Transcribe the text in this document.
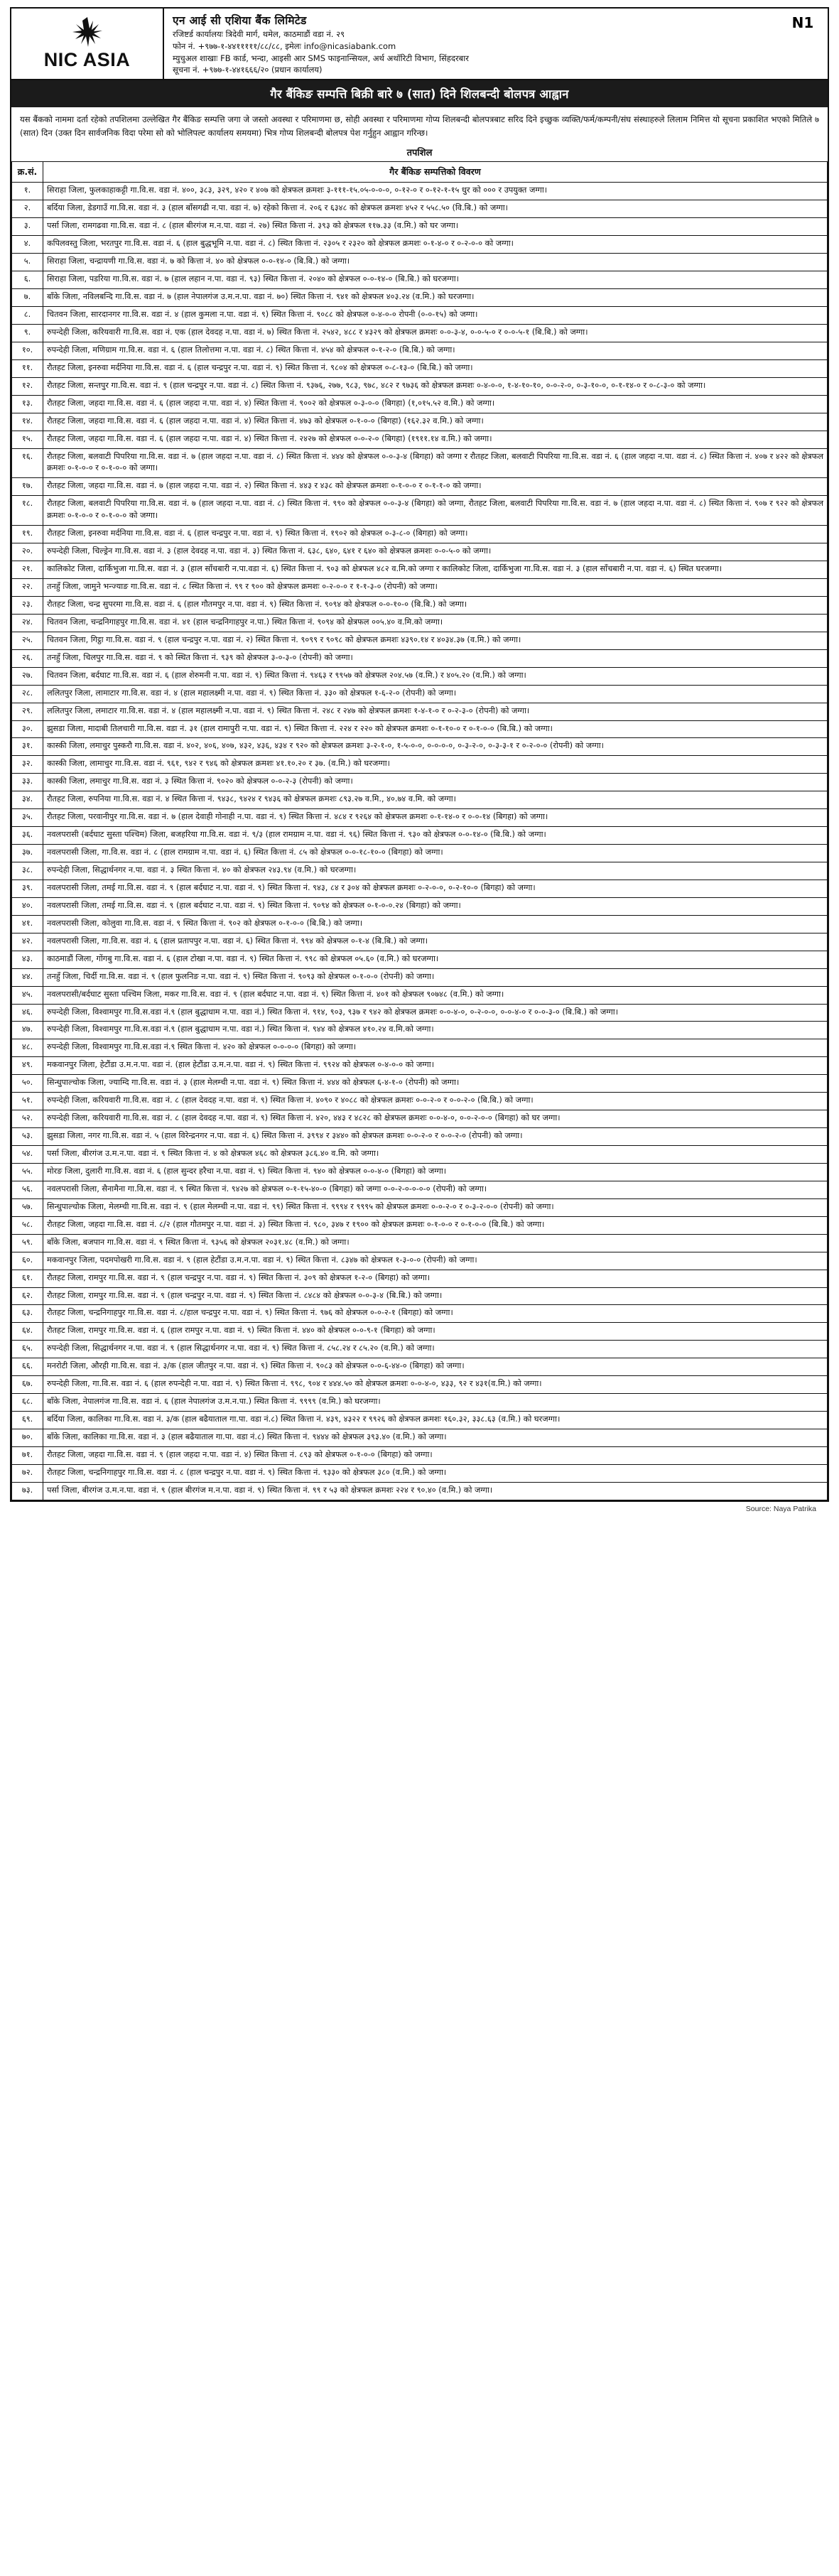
NIC ASIA
एन आई सी एशिया बैंक लिमिटेड
रजिष्टर्ड कार्यालयः त्रिदेवी मार्ग, थमेल, काठमाडौं वडा नं. २९
फोन नं. +९७७-१-४४१११११/८८/८८, इमेलः info@nicasiabank.com
म्युचुअल शाखाः FB कार्ड, भन्दा, आइसी आर SMS फाइनान्सियल, अर्थ अथॉरिटी विभाग, सिंहदरबार
सूचना नं. +९७७-१-४४१६६६/२० (प्रधान कार्यालय)
N1
गैर बैंकिङ सम्पत्ति बिक्री बारे ७ (सात) दिने शिलबन्दी बोलपत्र आह्वान
यस बैंकको नाममा दर्ता रहेको तपशिलमा उल्लेखित गैर बैंकिङ सम्पत्ति जगा जे जस्तो अवस्था र परिमाणमा छ, सोही अवस्था र परिमाणमा गोप्य शिलबन्दी बोलपत्रबाट सरिद दिने इच्छुक व्यक्ति/फर्म/कम्पनी/संघ संस्थाहरुले लिलाम निमित्त यो सूचना प्रकाशित भएको मितिले ७ (सात) दिन (उक्त दिन सार्वजनिक विदा परेमा सो को भोलिपल्ट कार्यालय समयमा) भित्र गोप्य शिलबन्दी बोलपत्र पेश गर्नुहुन आह्वान गरिन्छ।
तपशिल
क्र.सं.	गैर बैंकिङ सम्पत्तिको विवरण
१.	सिराहा जिला, फुलकाहाकट्टी गा.वि.स. वडा नं. ४००, ३८३, ३२९, ४२० र ४०७ को क्षेत्रफल क्रमशः ३-१११-१५.०५-०-०-०, ०-१२-० र ०-१२-१-१५ धुर को ००० र उपयुक्त जग्गा।
२.	बर्दिया जिला, डेडगाउँ गा.वि.स. वडा नं. ३ (हाल बाँसगढी न.पा. वडा नं. ७) रहेको कित्ता नं. २०६ र ६३४८ को क्षेत्रफल क्रमशः ४५२ र ५५८.५० (वि.बि.) को जग्गा।
३.	पर्सा जिला, रामगढवा गा.वि.स. वडा नं. ८ (हाल बीरगंज म.न.पा. वडा नं. २७) स्थित कित्ता नं. ३९३ को क्षेत्रफल ११७.३३ (व.मि.) को घर जग्गा।
४.	कपिलवस्तु जिला, भरतपुर गा.वि.स. वडा नं. ६ (हाल बुद्धभूमि न.पा. वडा नं. ८) स्थित कित्ता नं. २३०५ र २३२० को क्षेत्रफल क्रमशः ०-१-४-० र ०-२-०-० को जग्गा।
५.	सिराहा जिला, चन्द्रायणी गा.वि.स. वडा नं. ७ को कित्ता नं. ४० को क्षेत्रफल ०-०-१४-० (बि.बि.) को जग्गा।
६.	सिराहा जिला, पडरिया गा.वि.स. वडा नं. ७ (हाल लहान न.पा. वडा नं. ९३) स्थित कित्ता नं. २०४० को क्षेत्रफल ०-०-१४-० (बि.बि.) को घरजग्गा।
७.	बाँके जिला, नविलबन्दि गा.वि.स. वडा नं. ७ (हाल नेपालगंज उ.म.न.पा. वडा नं. ७०) स्थित कित्ता नं. ९४१ को क्षेत्रफल ४०३.२४ (व.मि.) को घरजग्गा।
८.	चितवन जिला, सारदानगर गा.वि.स. वडा नं. ४ (हाल कुमला न.पा. वडा नं. ९) स्थित कित्ता नं. ९०८८ को क्षेत्रफल ०-४-०-० रोपनी (०-०-१५) को जग्गा।
९.	रुपन्देही जिला, करियवारी गा.वि.स. वडा नं. एक (हाल देवदह न.पा. वडा नं. ७) स्थित कित्ता नं. २५४२, ४८८ र ४३२९ को क्षेत्रफल क्रमशः ०-०-३-४, ०-०-५-० र ०-०-५-१ (बि.बि.) को जग्गा।
१०.	रुपन्देही जिला, मणिग्राम गा.वि.स. वडा नं. ६ (हाल तिलोत्तमा न.पा. वडा नं. ८) स्थित कित्ता नं. ४५४ को क्षेत्रफल ०-१-२-० (बि.बि.) को जग्गा।
११.	रौतहट जिला, इनरुवा मर्दनिया गा.वि.स. वडा नं. ६ (हाल चन्द्रपुर न.पा. वडा नं. ९) स्थित कित्ता नं. ९८०४ को क्षेत्रफल ०-८-१३-० (बि.बि.) को जग्गा।
१२.	रौतहट जिला, सन्तपुर गा.वि.स. वडा नं. ९ (हाल चन्द्रपुर न.पा. वडा नं. ८) स्थित कित्ता नं. ९३७६, २७७, ९८३, ९७८, ४८२ र ९७३६ को क्षेत्रफल क्रमशः ०-४-०-०, १-४-१०-१०, ०-०-२-०, ०-३-१०-०, ०-१-१४-० र ०-८-३-० को जग्गा।
१३.	रौतहट जिला, जहदा गा.वि.स. वडा नं. ६ (हाल जहदा न.पा. वडा नं. ४) स्थित कित्ता नं. ९००२ को क्षेत्रफल ०-३-०-० (बिगहा) (१,०१५.५२ व.मि.) को जग्गा।
१४.	रौतहट जिला, जहदा गा.वि.स. वडा नं. ६ (हाल जहदा न.पा. वडा नं. ४) स्थित कित्ता नं. ४७३ को क्षेत्रफल ०-१-०-० (बिगहा) (१६२.३२ व.मि.) को जग्गा।
१५.	रौतहट जिला, जहदा गा.वि.स. वडा नं. ६ (हाल जहदा न.पा. वडा नं. ४) स्थित कित्ता नं. २४२७ को क्षेत्रफल ०-०-२-० (बिगहा) (१९११.१४ व.मि.) को जग्गा।
१६.	रौतहट जिला, बलवाटी पिपरिया गा.वि.स. वडा नं. ७ (हाल जहदा न.पा. वडा नं. ८) स्थित कित्ता नं. ४४४ को क्षेत्रफल ०-०-३-४ (बिगहा) को जग्गा र रौतहट जिला, बलवाटी पिपरिया गा.वि.स. वडा नं. ६ (हाल जहदा न.पा. वडा नं. ८) स्थित कित्ता नं. ४०७ र ४२२ को क्षेत्रफल क्रमशः ०-१-०-० र ०-१-०-० को जग्गा।
१७.	रौतहट जिला, जहदा गा.वि.स. वडा नं. ७ (हाल जहदा न.पा. वडा नं. २) स्थित कित्ता नं. ४४३ र ४३८ को क्षेत्रफल क्रमशः ०-१-०-० र ०-१-१-० को जग्गा।
१८.	रौतहट जिला, बलवाटी पिपरिया गा.वि.स. वडा नं. ७ (हाल जहदा न.पा. वडा नं. ८) स्थित कित्ता नं. ९९० को क्षेत्रफल ०-०-३-४ (बिगहा) को जग्गा, रौतहट जिला, बलवाटी पिपरिया गा.वि.स. वडा नं. ७ (हाल जहदा न.पा. वडा नं. ८) स्थित कित्ता नं. ९०७ र ९२२ को क्षेत्रफल क्रमशः ०-१-०-० र ०-१-०-० को जग्गा।
१९.	रौतहट जिला, इनरुवा मर्दनिया गा.वि.स. वडा नं. ६ (हाल चन्द्रपुर न.पा. वडा नं. ९) स्थित कित्ता नं. १९०२ को क्षेत्रफल ०-३-८-० (बिगहा) को जग्गा।
२०.	रुपन्देही जिला, चिल्ड्रेन गा.वि.स. वडा नं. ३ (हाल देवदह न.पा. वडा नं. ३) स्थित कित्ता नं. ६३८, ६४०, ६४१ र ६४० को क्षेत्रफल क्रमशः ०-०-५-० को जग्गा।
२१.	कालिकोट जिला, दार्किभुजा गा.वि.स. वडा नं. ३ (हाल साँचबारी न.पा.वडा नं. ६) स्थित कित्ता नं. ९०३ को क्षेत्रफल ४८२ व.मि.को जग्गा र कालिकोट जिला, दार्किभुजा गा.वि.स. वडा नं. ३ (हाल साँचबारी न.पा. वडा नं. ६) स्थित घरजग्गा।
२२.	तनहुँ जिला, जामुने भन्ज्याङ गा.वि.स. वडा नं. ८ स्थित कित्ता नं. ९९ र ९०० को क्षेत्रफल क्रमशः ०-२-०-० र १-१-३-० (रोपनी) को जग्गा।
२३.	रौतहट जिला, चन्द्र सुपरमा गा.वि.स. वडा नं. ६ (हाल गौतमपुर न.पा. वडा नं. ९) स्थित कित्ता नं. ९०९४ को क्षेत्रफल ०-०-१०-० (बि.बि.) को जग्गा।
२४.	चितवन जिला, चन्द्रनिगाहपुर गा.वि.स. वडा नं. ४१ (हाल चन्द्रनिगाहपुर न.पा.) स्थित कित्ता नं. ९०९४ को क्षेत्रफल ००५.४० व.मि.को जग्गा।
२५.	चितवन जिला, गिट्ठा गा.वि.स. वडा नं. ९ (हाल चन्द्रपुर न.पा. वडा नं. २) स्थित कित्ता नं. ९०९९ र ९०९८ को क्षेत्रफल क्रमशः ४३९०.१४ र ४०३४.३७ (व.मि.) को जग्गा।
२६.	तनहुँ जिला, चिलपुर गा.वि.स. वडा नं. ९ को स्थित कित्ता नं. ९३९ को क्षेत्रफल ३-०-३-० (रोपनी) को जग्गा।
२७.	चितवन जिला, बर्दघाट गा.वि.स. वडा नं. ६ (हाल शेरुमनी न.पा. वडा नं. ९) स्थित कित्ता नं. ९४६३ र ९९५७ को क्षेत्रफल २०४.५७ (व.मि.) र ४०५.२० (व.मि.) को जग्गा।
२८.	ललितपुर जिला, लामाटार गा.वि.स. वडा नं. ४ (हाल महालक्ष्मी न.पा. वडा नं. ९) स्थित कित्ता नं. ३३० को क्षेत्रफल १-६-२-० (रोपनी) को जग्गा।
२९.	ललितपुर जिला, लमाटार गा.वि.स. वडा नं. ४ (हाल महालक्ष्मी न.पा. वडा नं. ९) स्थित कित्ता नं. २४८ र २४७ को क्षेत्रफल क्रमशः १-४-१-० र ०-२-३-० (रोपनी) को जग्गा।
३०.	झुसडा जिला, मादाबी तिलचारी गा.वि.स. वडा नं. ३१ (हाल रामापुरी न.पा. वडा नं. ९) स्थित कित्ता नं. २२४ र २२० को क्षेत्रफल क्रमशः ०-१-१०-० र ०-१-०-० (बि.बि.) को जग्गा।
३१.	कास्की जिला, लमाचुर पुस्करौ गा.वि.स. वडा नं. ४०२, ४०६, ४०७, ४३२, ४३६, ४३४ र ९२० को क्षेत्रफल क्रमशः ३-२-१-०, १-५-०-०, ०-०-०-०, ०-३-२-०, ०-३-३-१ र ०-२-०-० (रोपनी) को जग्गा।
३२.	कास्की जिला, लामाचुर गा.वि.स. वडा नं. ९६१, ९४२ र ९४६ को क्षेत्रफल क्रमशः ४१.१०.२० र ३७. (व.मि.) को घरजग्गा।
३३.	कास्की जिला, लमाचुर गा.वि.स. वडा नं. ३ स्थित कित्ता नं. ९०२० को क्षेत्रफल ०-०-२-३ (रोपनी) को जग्गा।
३४.	रौतहट जिला, रुपनिया गा.वि.स. वडा नं. ४ स्थित कित्ता नं. ९४३८, ९४२४ र ९४३६ को क्षेत्रफल क्रमशः ८९३.२७ व.मि., ४०.७४ व.मि. को जग्गा।
३५.	रौतहट जिला, परवानीपुर गा.वि.स. वडा नं. ७ (हाल देवाही गोनाही न.पा. वडा नं. ९) स्थित कित्ता नं. ४८४ र ९२६४ को क्षेत्रफल क्रमशः ०-१-१४-० र ०-०-१४ (बिगहा) को जग्गा।
३६.	नवलपरासी (बर्दघाट सुस्ता पश्चिम) जिला, बजहरिया गा.वि.स. वडा नं. ९/३ (हाल रामग्राम न.पा. वडा नं. ९६) स्थित कित्ता नं. ९३० को क्षेत्रफल ०-०-१४-० (बि.बि.) को जग्गा।
३७.	नवलपरासी जिला, गा.वि.स. वडा नं. ८ (हाल रामग्राम न.पा. वडा नं. ६) स्थित कित्ता नं. ८५ को क्षेत्रफल ०-०-१८-१०-० (बिगहा) को जग्गा।
३८.	रुपन्देही जिला, सिद्धार्थनगर न.पा. वडा नं. ३ स्थित कित्ता नं. ४० को क्षेत्रफल २४३.९४ (व.मि.) को घरजग्गा।
३९.	नवलपरासी जिला, तमई गा.वि.स. वडा नं. ९ (हाल बर्दघाट न.पा. वडा नं. ९) स्थित कित्ता नं. ९४३, ८४ र ३०४ को क्षेत्रफल क्रमशः ०-२-०-०, ०-२-१०-० (बिगहा) को जग्गा।
४०.	नवलपरासी जिला, तमई गा.वि.स. वडा नं. ९ (हाल बर्दघाट न.पा. वडा नं. ९) स्थित कित्ता नं. ९०९४ को क्षेत्रफल ०-१-०-०.२४ (बिगहा) को जग्गा।
४१.	नवलपरासी जिला, कोलुवा गा.वि.स. वडा नं. ९ स्थित कित्ता नं. ९०२ को क्षेत्रफल ०-१-०-० (बि.बि.) को जग्गा।
४२.	नवलपरासी जिला, गा.वि.स. वडा नं. ६ (हाल प्रतापपुर न.पा. वडा नं. ६) स्थित कित्ता नं. ९९४ को क्षेत्रफल ०-१-४ (बि.बि.) को जग्गा।
४३.	काठमाडौं जिला, गोंगबु गा.वि.स. वडा नं. ६ (हाल टोखा न.पा. वडा नं. ९) स्थित कित्ता नं. ९९८ को क्षेत्रफल ०५.६० (व.मि.) को घरजग्गा।
४४.	तनहुँ जिला, चिर्दी गा.वि.स. वडा नं. ९ (हाल फुलनिङ न.पा. वडा नं. ९) स्थित कित्ता नं. ९०९३ को क्षेत्रफल ०-१-०-० (रोपनी) को जग्गा।
४५.	नवलपरासी/बर्दघाट सुस्ता पश्चिम जिला, मकर गा.वि.स. वडा नं. ९ (हाल बर्दघाट न.पा. वडा नं. ९) स्थित कित्ता नं. ४०१ को क्षेत्रफल ९०७४८ (व.मि.) को जग्गा।
४६.	रुपन्देही जिला, विश्वामपुर गा.वि.स.वडा नं.९ (हाल बुद्धाधाम न.पा. वडा नं.) स्थित कित्ता नं. ९१४, ९०३, ९३७ र ९४२ को क्षेत्रफल क्रमशः ०-०-४-०, ०-२-०-०, ०-०-४-० र ०-०-३-० (बि.बि.) को जग्गा।
४७.	रुपन्देही जिला, विश्वामपुर गा.वि.स.वडा नं.९ (हाल बुद्धाधाम न.पा. वडा नं.) स्थित कित्ता नं. ९४४ को क्षेत्रफल ४१०.२४ व.मि.को जग्गा।
४८.	रुपन्देही जिला, विश्वामपुर गा.वि.स.वडा नं.९ स्थित कित्ता नं. ४२० को क्षेत्रफल ०-०-०-० (बिगहा) को जग्गा।
४९.	मकवानपुर जिला, हेटौंडा उ.म.न.पा. वडा नं. (हाल हेटौंडा उ.म.न.पा. वडा नं. ९) स्थित कित्ता नं. ९९२४ को क्षेत्रफल ०-४-०-० को जग्गा।
५०.	सिन्धुपाल्चोक जिला, ज्याम्दि गा.वि.स. वडा नं. ३ (हाल मेलम्ची न.पा. वडा नं. ९) स्थित कित्ता नं. ४४४ को क्षेत्रफल ६-४-१-० (रोपनी) को जग्गा।
५१.	रुपन्देही जिला, करियवारी गा.वि.स. वडा नं. ८ (हाल देवदह न.पा. वडा नं. ९) स्थित कित्ता नं. ४०९० र ४०८८ को क्षेत्रफल क्रमशः ०-०-२-० र ०-०-२-० (बि.बि.) को जग्गा।
५२.	रुपन्देही जिला, करियवारी गा.वि.स. वडा नं. ८ (हाल देवदह न.पा. वडा नं. ९) स्थित कित्ता नं. ४२०, ४४३ र ४८२८ को क्षेत्रफल क्रमशः ०-०-४-०, ०-०-२-०-० (बिगहा) को घर जग्गा।
५३.	झुसडा जिला, नगर गा.वि.स. वडा नं. ५ (हाल विरेन्द्रनगर न.पा. वडा नं. ६) स्थित कित्ता नं. ३९९४ र ३४४० को क्षेत्रफल क्रमशः ०-०-२-० र ०-०-२-० (रोपनी) को जग्गा।
५४.	पर्सा जिला, बीरगंज उ.म.न.पा. वडा नं. ९ स्थित कित्ता नं. ४ को क्षेत्रफल ४६८ को क्षेत्रफल ३८६.४० व.मि. को जग्गा।
५५.	मोरङ जिला, दुलारी गा.वि.स. वडा नं. ६ (हाल सुन्दर हरैचा न.पा. वडा नं. ९) स्थित कित्ता नं. ९४० को क्षेत्रफल ०-०-४-० (बिगहा) को जग्गा।
५६.	नवलपरासी जिला, सैनामैना गा.वि.स. वडा नं. ९ स्थित कित्ता नं. ९४२७ को क्षेत्रफल ०-१-१५-४०-० (बिगहा) को जग्गा ०-०-२-०-०-०-० (रोपनी) को जग्गा।
५७.	सिन्धुपाल्चोक जिला, मेलम्ची गा.वि.स. वडा नं. ९ (हाल मेलम्ची न.पा. वडा नं. ९९) स्थित कित्ता नं. ९९९४ र ९९९५ को क्षेत्रफल क्रमशः ०-०-२-० र ०-३-२-०-० (रोपनी) को जग्गा।
५८.	रौतहट जिला, जहदा गा.वि.स. वडा नं. ८/२ (हाल गौतमपुर न.पा. वडा नं. ३) स्थित कित्ता नं. ९८०, ३४७ र १९०० को क्षेत्रफल क्रमशः ०-१-०-० र ०-१-०-० (बि.बि.) को जग्गा।
५९.	बाँके जिला, बजपान गा.वि.स. वडा नं. ९ स्थित कित्ता नं. ९३५६ को क्षेत्रफल २०३१.४८ (व.मि.) को जग्गा।
६०.	मकवानपुर जिला, पदमपोखरी गा.वि.स. वडा नं. ९ (हाल हेटौंडा उ.म.न.पा. वडा नं. ९) स्थित कित्ता नं. ८३४७ को क्षेत्रफल १-३-०-० (रोपनी) को जग्गा।
६१.	रौतहट जिला, रामपुर गा.वि.स. वडा नं. ९ (हाल चन्द्रपुर न.पा. वडा नं. ९) स्थित कित्ता नं. ३०९ को क्षेत्रफल १-२-० (बिगहा) को जग्गा।
६२.	रौतहट जिला, रामपुर गा.वि.स. वडा नं. ९ (हाल चन्द्रपुर न.पा. वडा नं. ९) स्थित कित्ता नं. ८४८४ को क्षेत्रफल ०-०-३-४ (बि.बि.) को जग्गा।
६३.	रौतहट जिला, चन्द्रनिगाहपुर गा.वि.स. वडा नं. ८/हाल चन्द्रपुर न.पा. वडा नं. ९) स्थित कित्ता नं. ९७६ को क्षेत्रफल ०-०-२-१ (बिगहा) को जग्गा।
६४.	रौतहट जिला, रामपुर गा.वि.स. वडा नं. ६ (हाल रामपुर न.पा. वडा नं. ९) स्थित कित्ता नं. ४४० को क्षेत्रफल ०-०-९-१ (बिगहा) को जग्गा।
६५.	रुपन्देही जिला, सिद्धार्थनगर न.पा. वडा नं. ९ (हाल सिद्धार्थनगर न.पा. वडा नं. ९) स्थित कित्ता नं. ८५८.२४ र ८५.२० (व.मि.) को जग्गा।
६६.	मनरोटी जिला, औरही गा.वि.स. वडा नं. ३/क (हाल जीतपुर न.पा. वडा नं. ९) स्थित कित्ता नं. ९०८३ को क्षेत्रफल ०-०-६-४४-० (बिगहा) को जग्गा।
६७.	रुपन्देही जिला, गा.वि.स. वडा नं. ६ (हाल रुपन्देही न.पा. वडा नं. ९) स्थित कित्ता नं. ९९८, ९०४ र ४४४.५० को क्षेत्रफल क्रमशः ०-०-४-०, ४३३, ९२ र ४३१(व.मि.) को जग्गा।
६८.	बाँके जिला, नेपालगंज गा.वि.स. वडा नं. ६ (हाल नेपालगंज उ.म.न.पा.) स्थित कित्ता नं. ९९९९ (व.मि.) को घरजग्गा।
६९.	बर्दिया जिला, कालिका गा.वि.स. वडा नं. ३/क (हाल बढैयाताल गा.पा. वडा नं.८) स्थित कित्ता नं. ४३९, ४३२२ र ९९२६ को क्षेत्रफल क्रमशः १६०.३२, ३३८.६३ (व.मि.) को घरजग्गा।
७०.	बाँके जिला, कालिका गा.वि.स. वडा नं. ३ (हाल बढैयाताल गा.पा. वडा नं.८) स्थित कित्ता नं. ९४४४ को क्षेत्रफल ३९३.४० (व.मि.) को जग्गा।
७१.	रौतहट जिला, जहदा गा.वि.स. वडा नं. ९ (हाल जहदा न.पा. वडा नं. ४) स्थित कित्ता नं. ८९३ को क्षेत्रफल ०-१-०-० (बिगहा) को जग्गा।
७२.	रौतहट जिला, चन्द्रनिगाहपुर गा.वि.स. वडा नं. ८ (हाल चन्द्रपुर न.पा. वडा नं. ९) स्थित कित्ता नं. ९३३० को क्षेत्रफल ३८० (व.मि.) को जग्गा।
७३.	पर्सा जिला, बीरगंज उ.म.न.पा. वडा नं. ९ (हाल बीरगंज म.न.पा. वडा नं. ९) स्थित कित्ता नं. ९९ र ५३ को क्षेत्रफल क्रमशः २२४ र ९०.४० (व.मि.) को जग्गा।
Source: Naya Patrika
